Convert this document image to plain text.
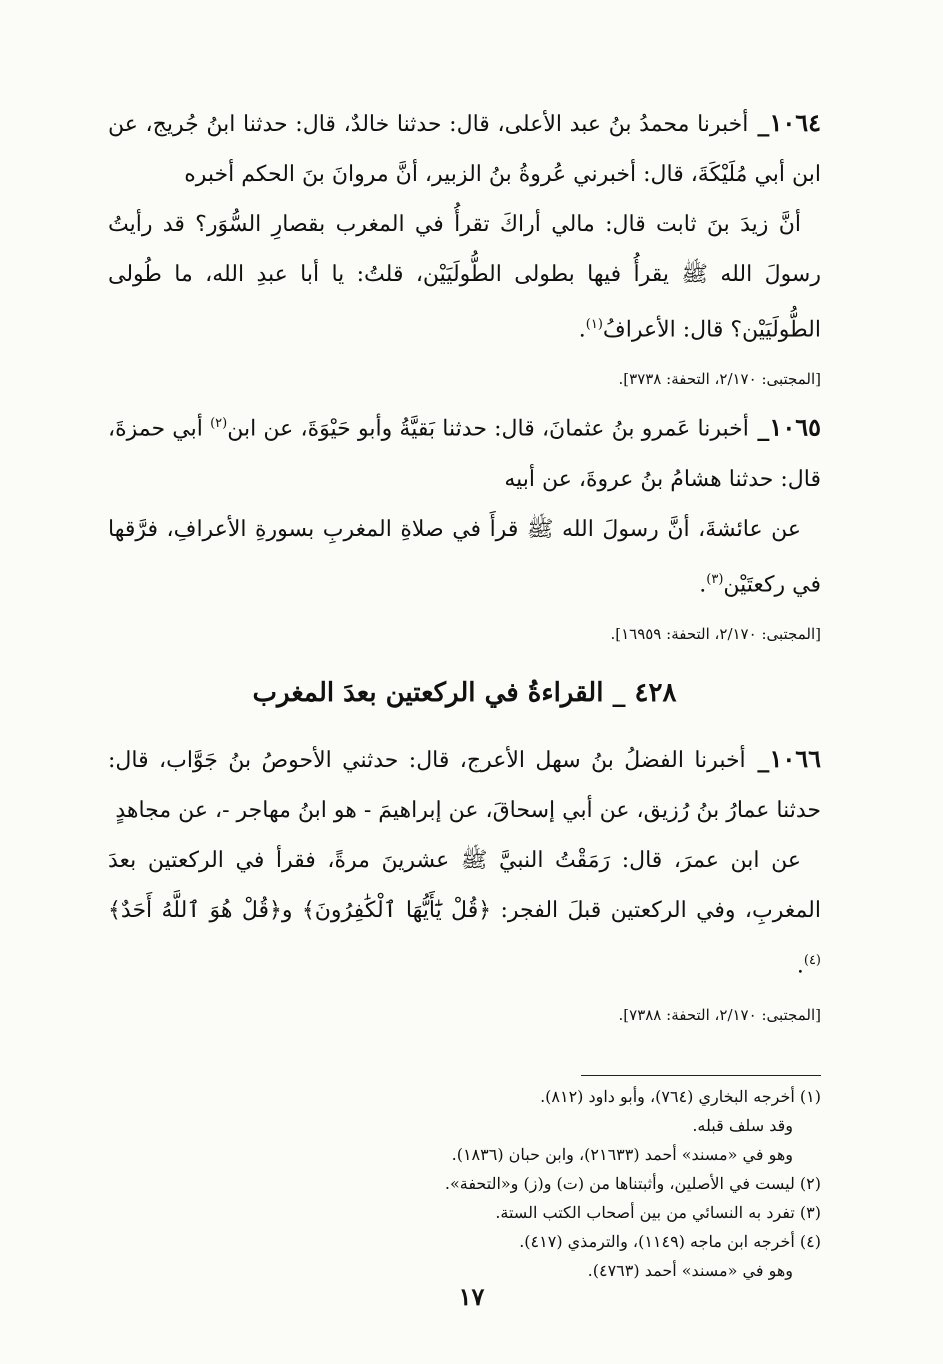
١٠٦٤_ أخبرنا محمدُ بنُ عبد الأعلى، قال: حدثنا خالدٌ، قال: حدثنا ابنُ جُريج، عن ابن أبي مُلَيْكَةَ، قال: أخبرني عُروةُ بنُ الزبير، أنَّ مروانَ بنَ الحكم أخبره

أنَّ زيدَ بنَ ثابت قال: مالي أراكَ تقرأُ في المغرب بقصارِ السُّوَر؟ قد رأيتُ رسولَ الله ﷺ يقرأُ فيها بطولى الطُّولَيَيْن، قلتُ: يا أبا عبدِ الله، ما طُولى الطُّولَيَيْن؟ قال: الأعرافُ$^{(١)}$.

[المجتبى: ٢/١٧٠، التحفة: ٣٧٣٨].

١٠٦٥_ أخبرنا عَمرو بنُ عثمانَ، قال: حدثنا بَقيَّةُ وأبو حَيْوَةَ، عن ابن$^{(٢)}$ أبي حمزةَ، قال: حدثنا هشامُ بنُ عروةَ، عن أبيه

عن عائشةَ، أنَّ رسولَ الله ﷺ قرأَ في صلاةِ المغربِ بسورةِ الأعرافِ، فرَّقها في ركعتَيْن$^{(٣)}$.

[المجتبى: ٢/١٧٠، التحفة: ١٦٩٥٩].

٤٢٨ _ القراءةُ في الركعتين بعدَ المغرب

١٠٦٦_ أخبرنا الفضلُ بنُ سهل الأعرج، قال: حدثني الأحوصُ بنُ جَوَّاب، قال: حدثنا عمارُ بنُ رُزيق، عن أبي إسحاقَ، عن إبراهيمَ - هو ابنُ مهاجر -، عن مجاهدٍ

عن ابن عمرَ، قال: رَمَقْتُ النبيَّ ﷺ عشرينَ مرةً، فقرأ في الركعتين بعدَ المغربِ، وفي الركعتين قبلَ الفجر: ﴿قُلْ يَٰٓأَيُّهَا ٱلْكَٰفِرُونَ﴾ و﴿قُلْ هُوَ ٱللَّهُ أَحَدٌ﴾ $^{(٤)}$.

[المجتبى: ٢/١٧٠، التحفة: ٧٣٨٨].

(١) أخرجه البخاري (٧٦٤)، وأبو داود (٨١٢).

وقد سلف قبله.

وهو في «مسند» أحمد (٢١٦٣٣)، وابن حبان (١٨٣٦).

(٢) ليست في الأصلين، وأثبتناها من (ت) و(ز) و«التحفة».

(٣) تفرد به النسائي من بين أصحاب الكتب الستة.

(٤) أخرجه ابن ماجه (١١٤٩)، والترمذي (٤١٧).

وهو في «مسند» أحمد (٤٧٦٣).

١٧
